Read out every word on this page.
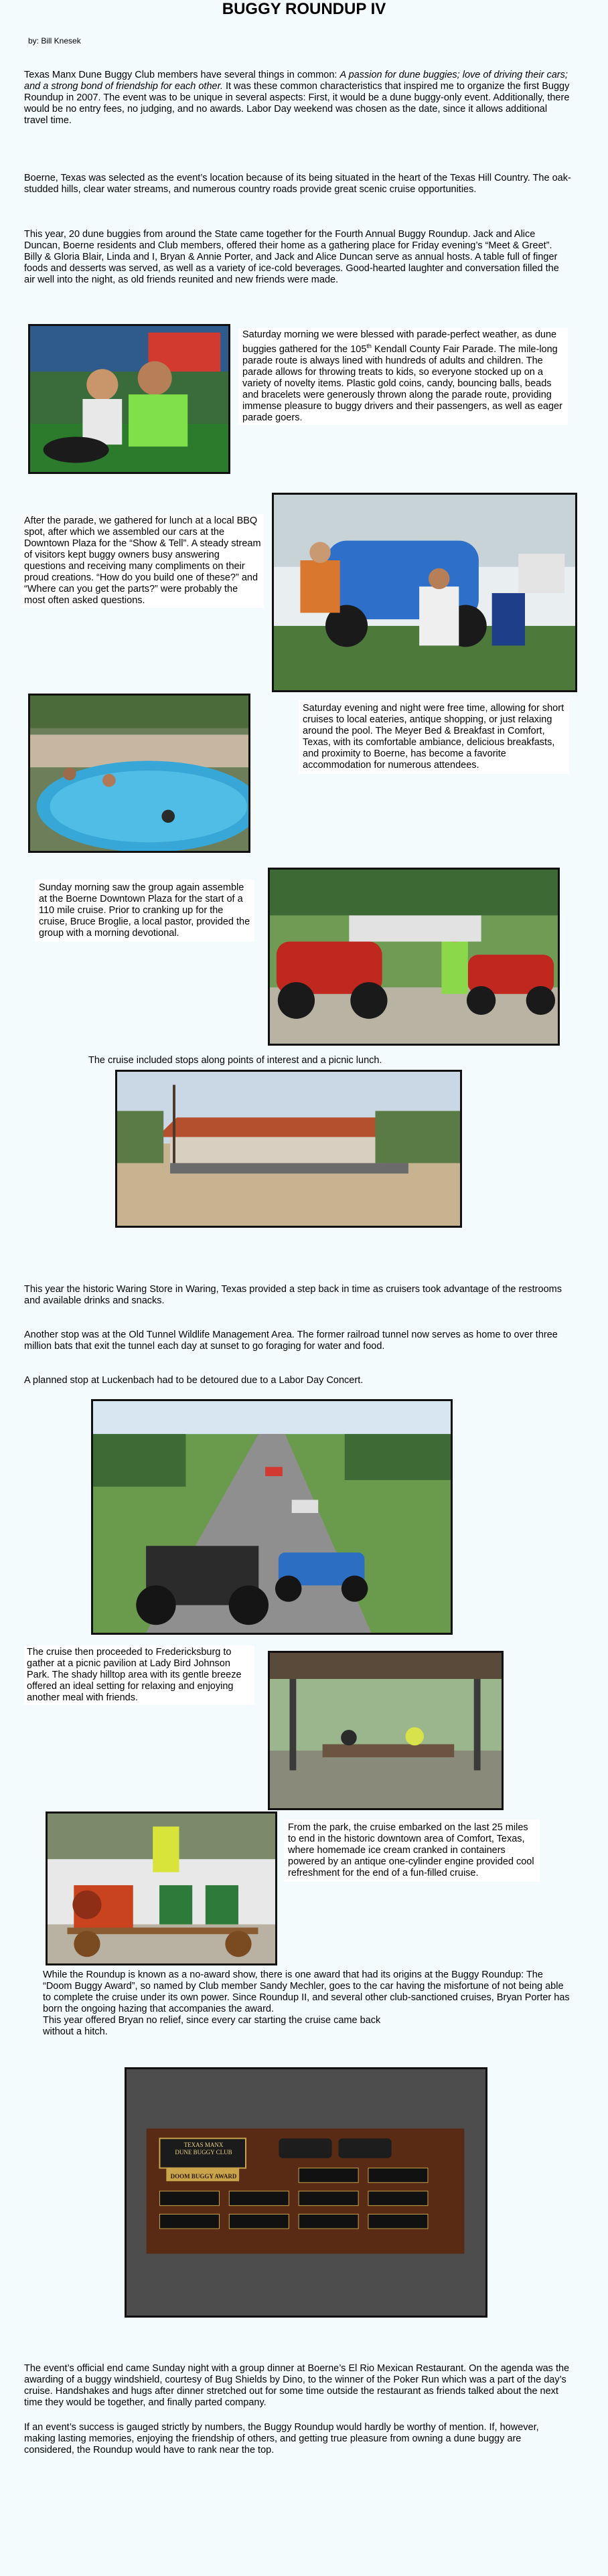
BUGGY ROUNDUP IV
by: Bill Knesek
Texas Manx Dune Buggy Club members have several things in common: A passion for dune buggies; love of driving their cars; and a strong bond of friendship for each other. It was these common characteristics that inspired me to organize the first Buggy Roundup in 2007. The event was to be unique in several aspects: First, it would be a dune buggy-only event. Additionally, there would be no entry fees, no judging, and no awards. Labor Day weekend was chosen as the date, since it allows additional travel time.
Boerne, Texas was selected as the event’s location because of its being situated in the heart of the Texas Hill Country. The oak-studded hills, clear water streams, and numerous country roads provide great scenic cruise opportunities.
This year, 20 dune buggies from around the State came together for the Fourth Annual Buggy Roundup. Jack and Alice Duncan, Boerne residents and Club members, offered their home as a gathering place for Friday evening’s “Meet & Greet”. Billy & Gloria Blair, Linda and I, Bryan & Annie Porter, and Jack and Alice Duncan serve as annual hosts. A table full of finger foods and desserts was served, as well as a variety of ice-cold beverages. Good-hearted laughter and conversation filled the air well into the night, as old friends reunited and new friends were made.
Saturday morning we were blessed with parade-perfect weather, as dune buggies gathered for the 105th Kendall County Fair Parade. The mile-long parade route is always lined with hundreds of adults and children. The parade allows for throwing treats to kids, so everyone stocked up on a variety of novelty items. Plastic gold coins, candy, bouncing balls, beads and bracelets were generously thrown along the parade route, providing immense pleasure to buggy drivers and their passengers, as well as eager parade goers.
After the parade, we gathered for lunch at a local BBQ spot, after which we assembled our cars at the Downtown Plaza for the “Show & Tell”. A steady stream of visitors kept buggy owners busy answering questions and receiving many compliments on their proud creations. “How do you build one of these?” and “Where can you get the parts?” were probably the most often asked questions.
Saturday evening and night were free time, allowing for short cruises to local eateries, antique shopping, or just relaxing around the pool. The Meyer Bed & Breakfast in Comfort, Texas, with its comfortable ambiance, delicious breakfasts, and proximity to Boerne, has become a favorite accommodation for numerous attendees.
Sunday morning saw the group again assemble at the Boerne Downtown Plaza for the start of a 110 mile cruise. Prior to cranking up for the cruise, Bruce Broglie, a local pastor, provided the group with a morning devotional.
The cruise included stops along points of interest and a picnic lunch.
This year the historic Waring Store in Waring, Texas provided a step back in time as cruisers took advantage of the restrooms and available drinks and snacks.
Another stop was at the Old Tunnel Wildlife Management Area. The former railroad tunnel now serves as home to over three million bats that exit the tunnel each day at sunset to go foraging for water and food.
A planned stop at Luckenbach had to be detoured due to a Labor Day Concert.
The cruise then proceeded to Fredericksburg to gather at a picnic pavilion at Lady Bird Johnson Park. The shady hilltop area with its gentle breeze offered an ideal setting for relaxing and enjoying another meal with friends.
From the park, the cruise embarked on the last 25 miles to end in the historic downtown area of Comfort, Texas, where homemade ice cream cranked in containers powered by an antique one-cylinder engine provided cool refreshment for the end of a fun-filled cruise.
While the Roundup is known as a no-award show, there is one award that had its origins at the Buggy Roundup: The “Doom Buggy Award”, so named by Club member Sandy Mechler, goes to the car having the misfortune of not being able to complete the cruise under its own power. Since Roundup II, and several other club-sanctioned cruises, Bryan Porter has born the ongoing hazing that accompanies the award.
This year offered Bryan no relief, since every car starting the cruise came back
without a hitch.
TEXAS MANX
DUNE BUGGY CLUB
DOOM BUGGY AWARD
The event’s official end came Sunday night with a group dinner at Boerne’s El Rio Mexican Restaurant. On the agenda was the awarding of a buggy windshield, courtesy of Bug Shields by Dino, to the winner of the Poker Run which was a part of the day’s cruise. Handshakes and hugs after dinner stretched out for some time outside the restaurant as friends talked about the next time they would be together, and finally parted company.
If an event’s success is gauged strictly by numbers, the Buggy Roundup would hardly be worthy of mention. If, however, making lasting memories, enjoying the friendship of others, and getting true pleasure from owning a dune buggy are considered, the Roundup would have to rank near the top.
